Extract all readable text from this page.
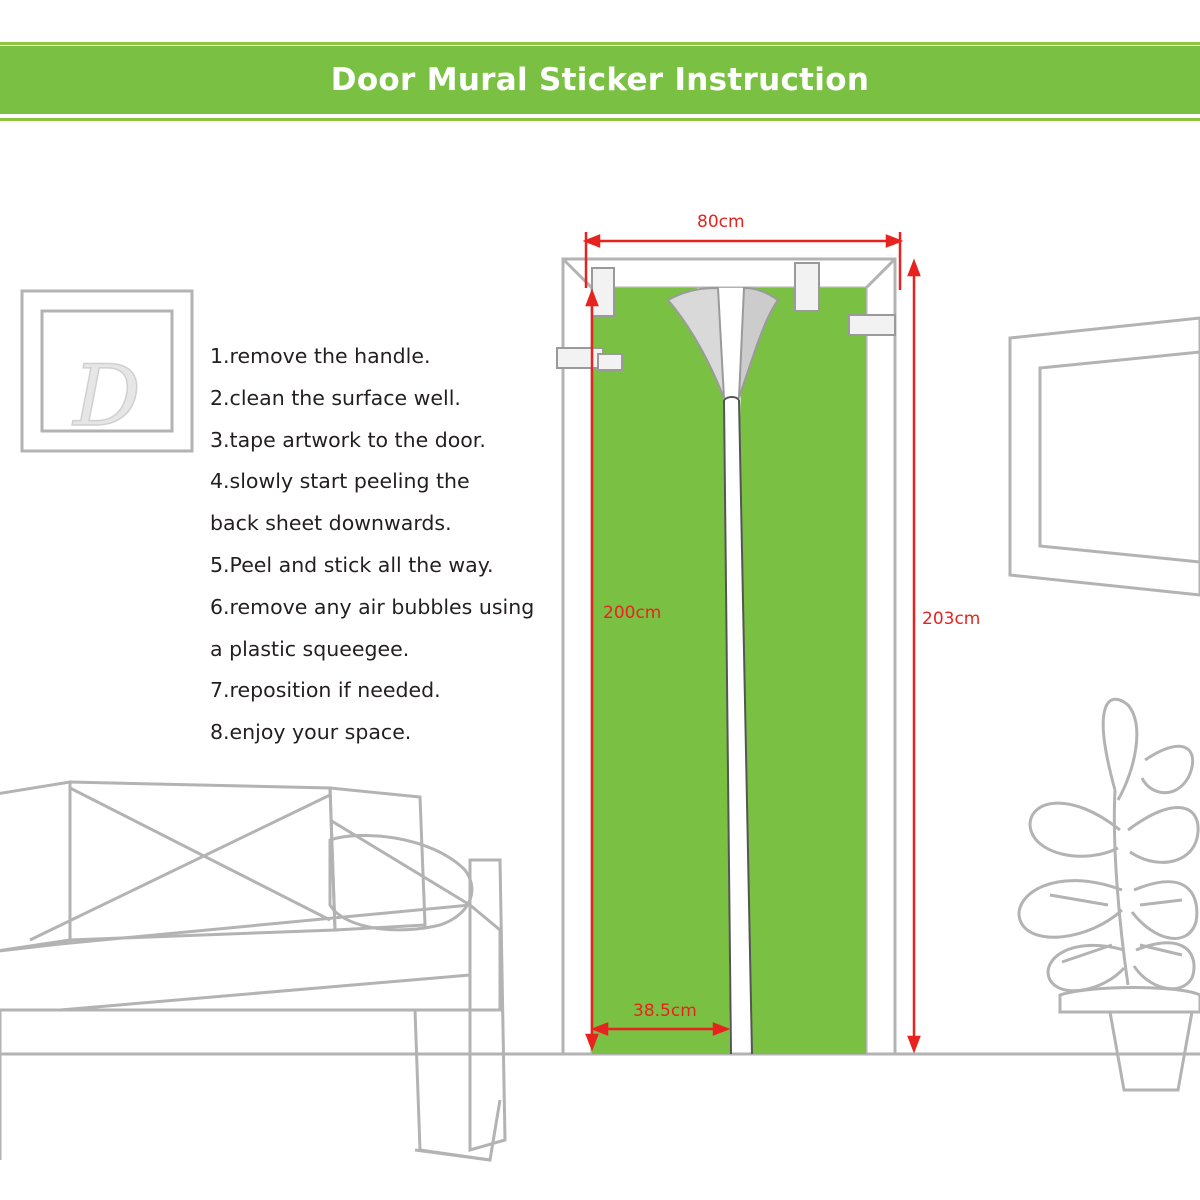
Door Mural Sticker Instruction
D	1.remove the handle.
2.clean the surface well.
3.tape artwork to the door.
4.slowly start peeling the
back sheet downwards.
5.Peel and stick all the way.
6.remove any air bubbles using
a plastic squeegee.
7.reposition if needed.
8.enjoy your space.
80cm
200cm	203cm
38.5cm
